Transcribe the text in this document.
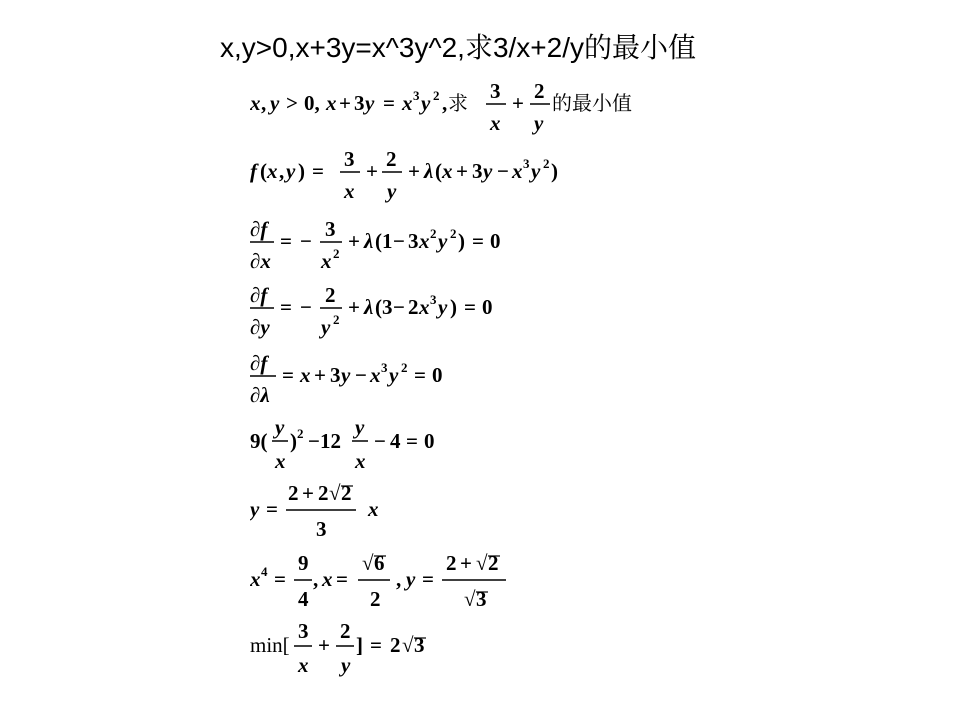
x,y>0,x+3y=x^3y^2,求3/x+2/y的最小值
x , y > 0, x + 3 y = x 3 y 2 , 求 3
x
+ 2
y
的最小值
f ( x , y ) = 3
x
+ 2
y
+ λ ( x + 3 y − x 3 y 2 )
∂f
∂x
= − 3
x 2
+ λ (1 − 3 x 2 y 2 ) = 0
∂f
∂y
= − 2
y 2
+ λ (3 − 2 x 3 y ) = 0
∂f
∂λ
= x + 3 y − x 3 y 2 = 0
9(
y
x
) 2 −12
y
x
− 4 = 0
y =
2 + 2 √ 2
3
x
x 4 =
9
4
, x =
√ 6
2
, y =
2 + √ 2
√ 3
min[
3
x
+
2
y
] = 2 √ 3
